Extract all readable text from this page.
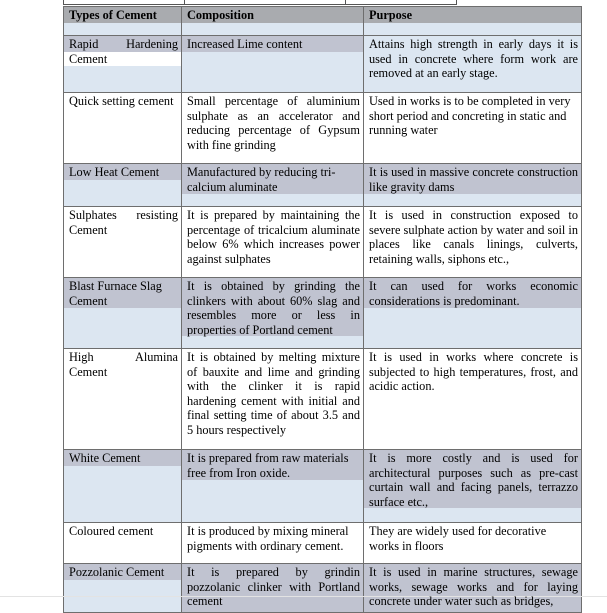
Types of Cement	Composition	Purpose

Rapid Hardening Cement	Increased Lime content	Attains high strength in early days it is used in concrete where form work are removed at an early stage.

Quick setting cement	Small percentage of aluminium sulphate as an accelerator and reducing percentage of Gypsum with fine grinding	Used in works is to be completed in very short period and concreting in static and running water

Low Heat Cement	Manufactured by reducing tri-calcium aluminate	It is used in massive concrete construction like gravity dams

Sulphates resisting Cement	It is prepared by maintaining the percentage of tricalcium aluminate below 6% which increases power against sulphates	It is used in construction exposed to severe sulphate action by water and soil in places like canals linings, culverts, retaining walls, siphons etc.,

Blast Furnace Slag Cement	It is obtained by grinding the clinkers with about 60% slag and resembles more or less in properties of Portland cement	It can used for works economic considerations is predominant.

High Alumina Cement	It is obtained by melting mixture of bauxite and lime and grinding with the clinker it is rapid hardening cement with initial and final setting time of about 3.5 and 5 hours respectively	It is used in works where concrete is subjected to high temperatures, frost, and acidic action.

White Cement	It is prepared from raw materials free from Iron oxide.	It is more costly and is used for architectural purposes such as pre-cast curtain wall and facing panels, terrazzo surface etc.,

Coloured cement	It is produced by mixing mineral pigments with ordinary cement.	They are widely used for decorative works in floors

Pozzolanic Cement	It is prepared by grindin pozzolanic clinker with Portland cement	It is used in marine structures, sewage works, sewage works and for laying concrete under water such as bridges,
